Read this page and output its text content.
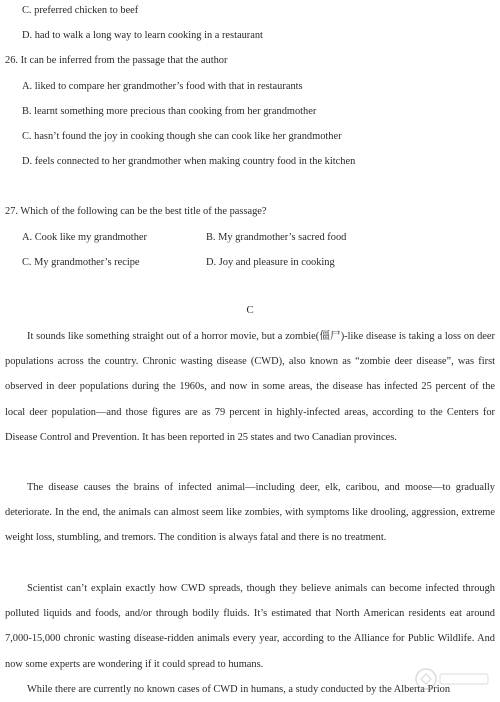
C. preferred chicken to beef
D. had to walk a long way to learn cooking in a restaurant
26. It can be inferred from the passage that the author
A. liked to compare her grandmother’s food with that in restaurants
B. learnt something more precious than cooking from her grandmother
C. hasn’t found the joy in cooking though she can cook like her grandmother
D. feels connected to her grandmother when making country food in the kitchen
27. Which of the following can be the best title of the passage?
A. Cook like my grandmother	B. My grandmother’s sacred food
C. My grandmother’s recipe	D. Joy and pleasure in cooking
C

It sounds like something straight out of a horror movie, but a zombie(僵尸)-like disease is taking a loss on deer populations across the country. Chronic wasting disease (CWD), also known as “zombie deer disease”, was first observed in deer populations during the 1960s, and now in some areas, the disease has infected 25 percent of the local deer population—and those figures are as 79 percent in highly-infected areas, according to the Centers for Disease Control and Prevention. It has been reported in 25 states and two Canadian provinces.

The disease causes the brains of infected animal—including deer, elk, caribou, and moose—to gradually deteriorate. In the end, the animals can almost seem like zombies, with symptoms like drooling, aggression, extreme weight loss, stumbling, and tremors. The condition is always fatal and there is no treatment.

Scientist can’t explain exactly how CWD spreads, though they believe animals can become infected through polluted liquids and foods, and/or through bodily fluids. It’s estimated that North American residents eat around 7,000-15,000 chronic wasting disease-ridden animals every year, according to the Alliance for Public Wildlife. And now some experts are wondering if it could spread to humans.

While there are currently no known cases of CWD in humans, a study conducted by the Alberta Prion
